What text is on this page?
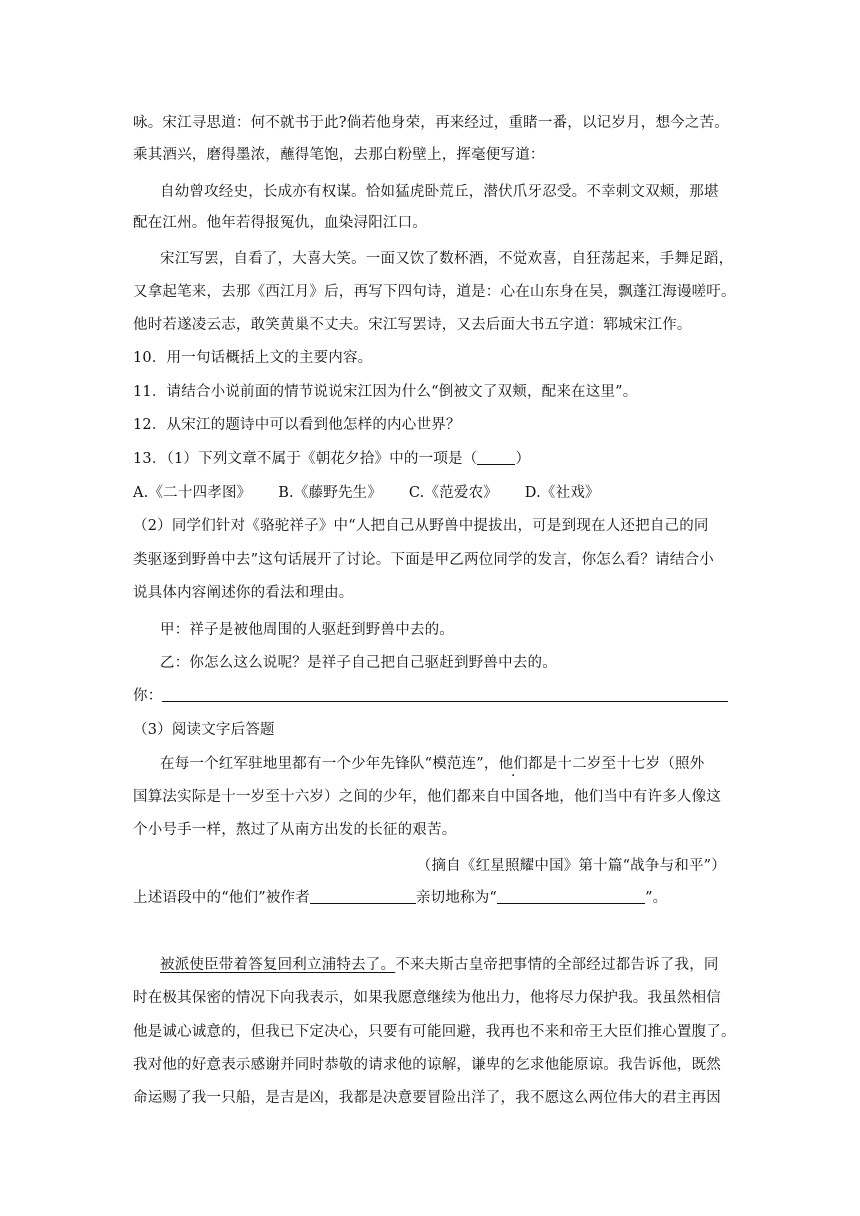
咏。宋江寻思道：何不就书于此?倘若他身荣，再来经过，重睹一番，以记岁月，想今之苦。
乘其酒兴，磨得墨浓，蘸得笔饱，去那白粉壁上，挥毫便写道：
自幼曾攻经史，长成亦有权谋。恰如猛虎卧荒丘，潜伏爪牙忍受。不幸刺文双颊，那堪
配在江州。他年若得报冤仇，血染浔阳江口。
宋江写罢，自看了，大喜大笑。一面又饮了数杯酒，不觉欢喜，自狂荡起来，手舞足蹈，
又拿起笔来，去那《西江月》后，再写下四句诗，道是：心在山东身在吴，飘蓬江海谩嗟吁。
他时若遂凌云志，敢笑黄巢不丈夫。宋江写罢诗，又去后面大书五字道：郓城宋江作。
10．用一句话概括上文的主要内容。
11．请结合小说前面的情节说说宋江因为什么“倒被文了双颊，配来在这里”。
12．从宋江的题诗中可以看到他怎样的内心世界？
13．（1）下列文章不属于《朝花夕拾》中的一项是（	）
A.《二十四孝图》 B.《藤野先生》 C.《范爱农》 D.《社戏》
（2）同学们针对《骆驼祥子》中“人把自己从野兽中提拔出，可是到现在人还把自己的同
类驱逐到野兽中去”这句话展开了讨论。下面是甲乙两位同学的发言，你怎么看？请结合小
说具体内容阐述你的看法和理由。
甲：祥子是被他周围的人驱赶到野兽中去的。
乙：你怎么这么说呢？是祥子自己把自己驱赶到野兽中去的。
你：
（3）阅读文字后答题
在每一个红军驻地里都有一个少年先锋队“模范连”，他们都是十二岁至十七岁（照外
国算法实际是十一岁至十六岁）之间的少年，他们都来自中国各地，他们当中有许多人像这
个小号手一样，熬过了从南方出发的长征的艰苦。
（摘自《红星照耀中国》第十篇“战争与和平”）
上述语段中的“他们”被作者	亲切地称为“	”。
被派使臣带着答复回利立浦特去了。不来夫斯古皇帝把事情的全部经过都告诉了我，同
时在极其保密的情况下向我表示，如果我愿意继续为他出力，他将尽力保护我。我虽然相信
他是诚心诚意的，但我已下定决心，只要有可能回避，我再也不来和帝王大臣们推心置腹了。
我对他的好意表示感谢并同时恭敬的请求他的谅解，谦卑的乞求他能原谅。我告诉他，既然
命运赐了我一只船，是吉是凶，我都是决意要冒险出洋了，我不愿这么两位伟大的君主再因
